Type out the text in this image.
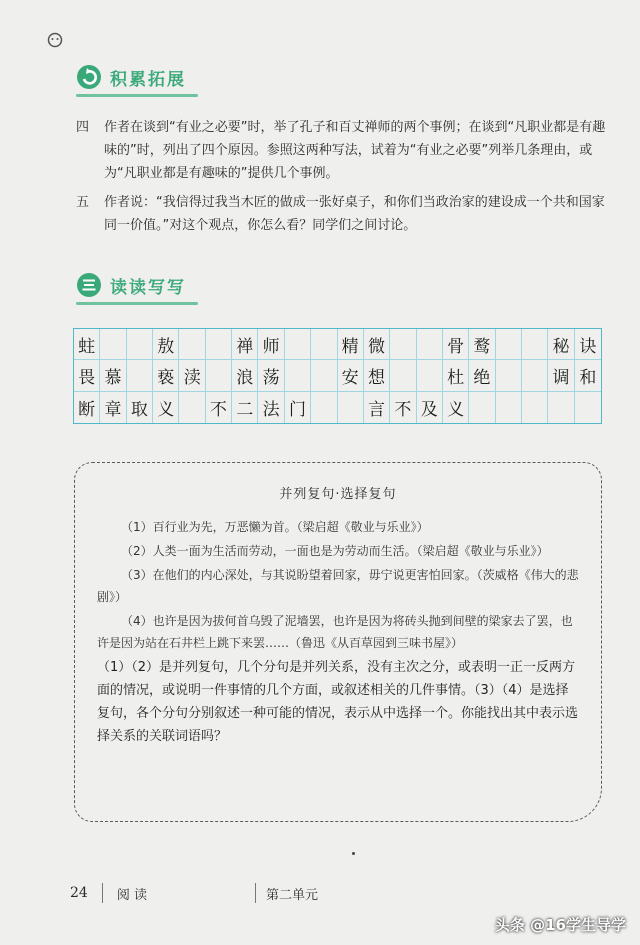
积累拓展
四 作者在谈到“有业之必要”时，举了孔子和百丈禅师的两个事例；在谈到“凡职业都是有趣味的”时，列出了四个原因。参照这两种写法，试着为“有业之必要”列举几条理由，或为“凡职业都是有趣味的”提供几个事例。
五 作者说：“我信得过我当木匠的做成一张好桌子，和你们当政治家的建设成一个共和国家同一价值。”对这个观点，你怎么看？同学们之间讨论。
读读写写
蛀	敖	禅 师	精 微	骨 鹜	秘 诀
畏 慕	亵 渎	浪 荡	安 想	杜 绝	调 和
断 章 取 义	不 二 法 门	言 不 及 义
并列复句·选择复句
（1）百行业为先，万恶懒为首。（梁启超《敬业与乐业》）
（2）人类一面为生活而劳动，一面也是为劳动而生活。（梁启超《敬业与乐业》）
（3）在他们的内心深处，与其说盼望着回家，毋宁说更害怕回家。（茨威格《伟大的悲剧》）
（4）也许是因为拔何首乌毁了泥墙罢，也许是因为将砖头抛到间壁的梁家去了罢，也许是因为站在石井栏上跳下来罢……（鲁迅《从百草园到三味书屋》）
（1）（2）是并列复句，几个分句是并列关系，没有主次之分，或表明一正一反两方面的情况，或说明一件事情的几个方面，或叙述相关的几件事情。（3）（4）是选择复句，各个分句分别叙述一种可能的情况，表示从中选择一个。你能找出其中表示选择关系的关联词语吗？
24 阅 读	第二单元
头条 @16学生导学
